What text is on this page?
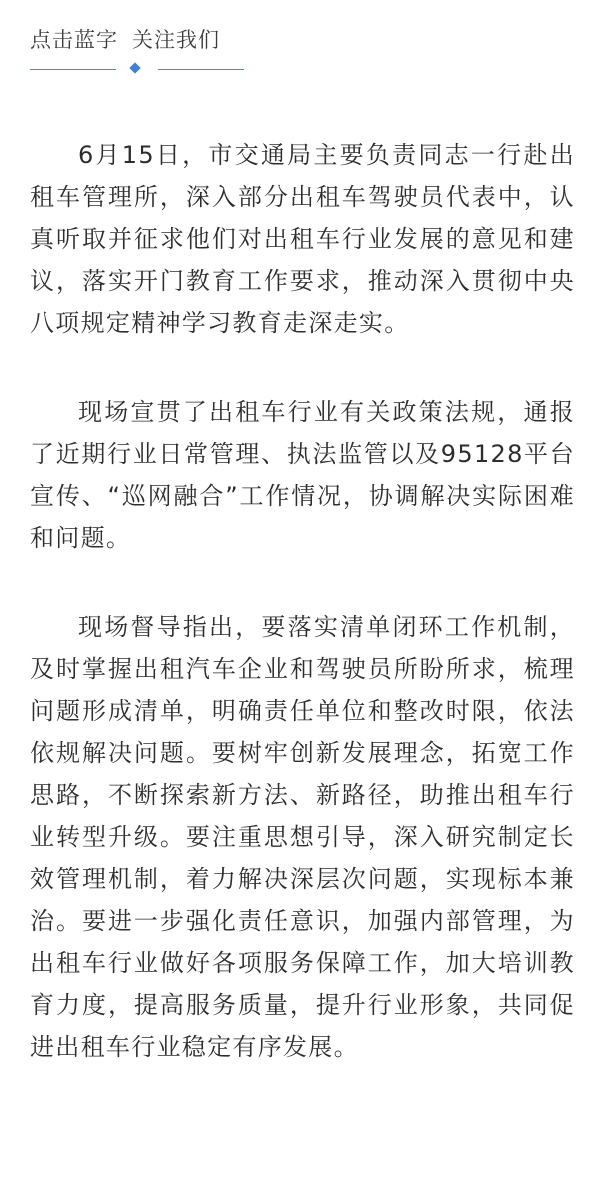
点击蓝字 关注我们

6月15日，市交通局主要负责同志一行赴出租车管理所，深入部分出租车驾驶员代表中，认真听取并征求他们对出租车行业发展的意见和建议，落实开门教育工作要求，推动深入贯彻中央八项规定精神学习教育走深走实。

现场宣贯了出租车行业有关政策法规，通报了近期行业日常管理、执法监管以及95128平台宣传、“巡网融合”工作情况，协调解决实际困难和问题。

现场督导指出，要落实清单闭环工作机制，及时掌握出租汽车企业和驾驶员所盼所求，梳理问题形成清单，明确责任单位和整改时限，依法依规解决问题。要树牢创新发展理念，拓宽工作思路，不断探索新方法、新路径，助推出租车行业转型升级。要注重思想引导，深入研究制定长效管理机制，着力解决深层次问题，实现标本兼治。要进一步强化责任意识，加强内部管理，为出租车行业做好各项服务保障工作，加大培训教育力度，提高服务质量，提升行业形象，共同促进出租车行业稳定有序发展。
